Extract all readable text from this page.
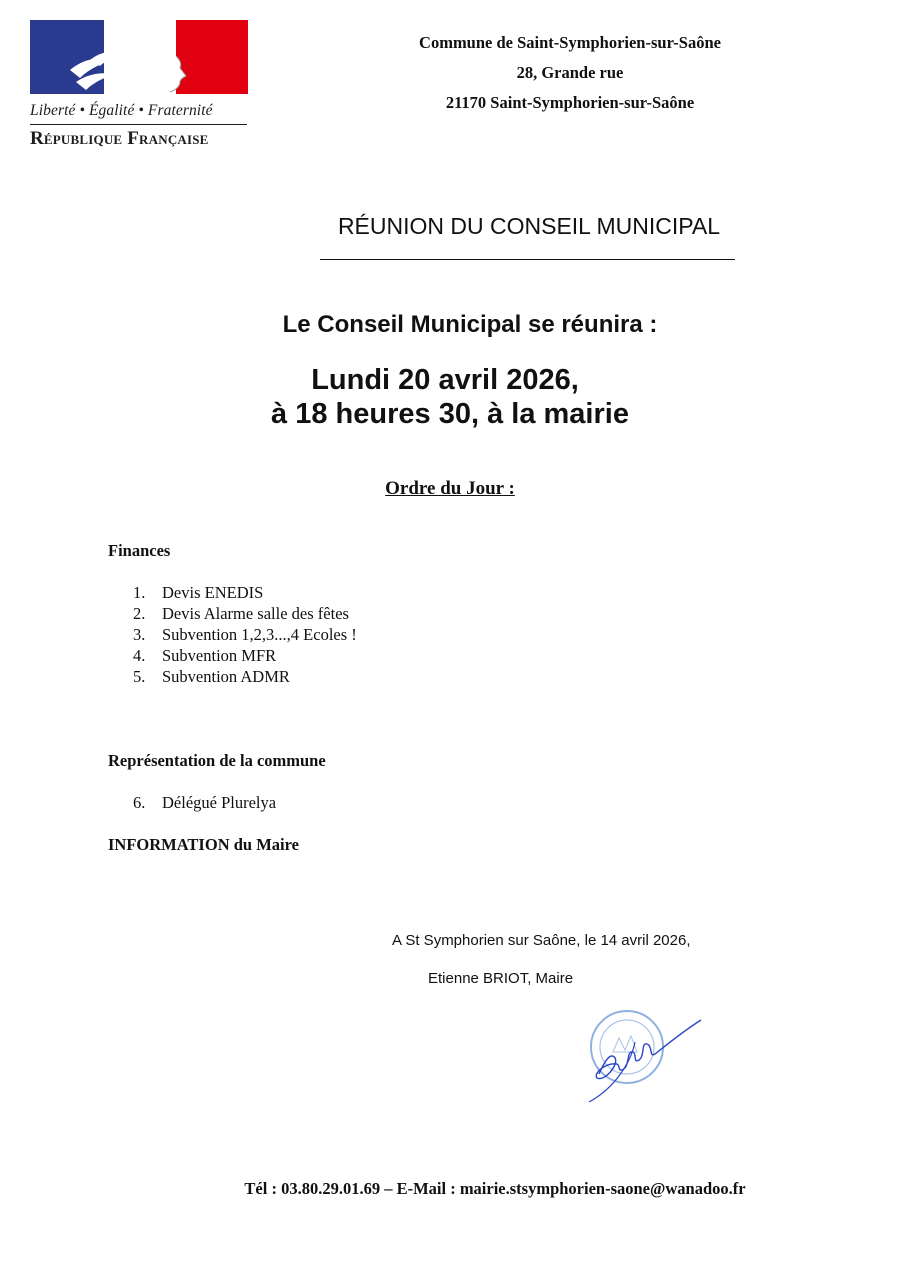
Liberté • Égalité • Fraternité
République Française
Commune de Saint-Symphorien-sur-Saône
28, Grande rue
21170 Saint-Symphorien-sur-Saône
RÉUNION DU CONSEIL MUNICIPAL
Le Conseil Municipal se réunira :
Lundi 20 avril 2026,
à 18 heures 30, à la mairie
Ordre du Jour :
Finances
1. Devis ENEDIS
2. Devis Alarme salle des fêtes
3. Subvention 1,2,3...,4 Ecoles !
4. Subvention MFR
5. Subvention ADMR
Représentation de la commune
6. Délégué Plurelya
INFORMATION du Maire
A St Symphorien sur Saône, le 14 avril 2026,
Etienne BRIOT, Maire
Tél : 03.80.29.01.69 – E-Mail : mairie.stsymphorien-saone@wanadoo.fr
